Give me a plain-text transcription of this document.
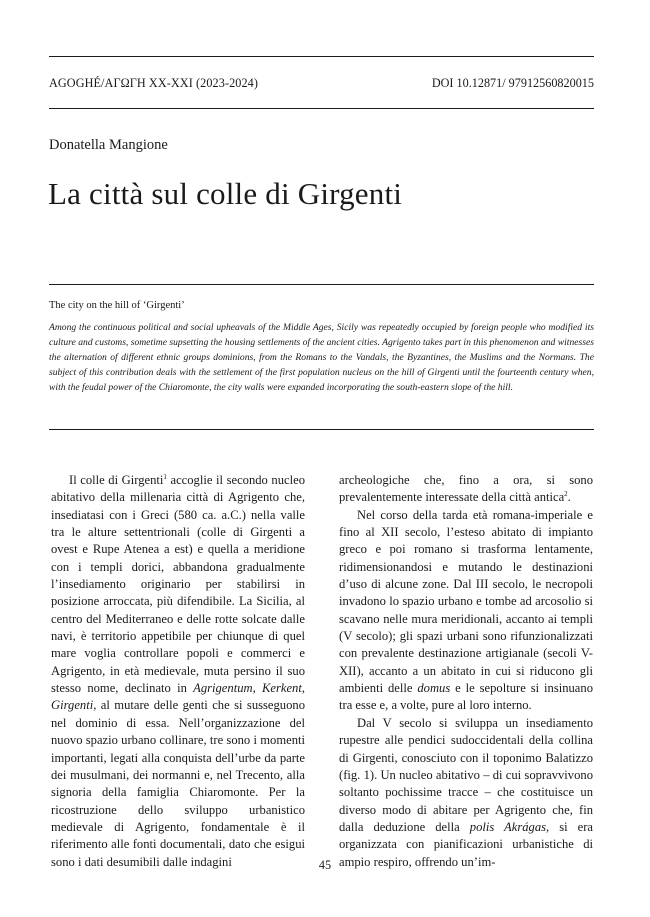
AGOGHÉ/ΑΓΩΓΗ XX-XXI (2023-2024)	DOI 10.12871/ 97912560820015
Donatella Mangione
La città sul colle di Girgenti
The city on the hill of ‘Girgenti’

Among the continuous political and social upheavals of the Middle Ages, Sicily was repeatedly occupied by foreign people who modified its culture and customs, sometime supsetting the housing settlements of the ancient cities. Agrigento takes part in this phenomenon and witnesses the alternation of different ethnic groups dominions, from the Romans to the Vandals, the Byzantines, the Muslims and the Normans. The subject of this contribution deals with the settlement of the first population nucleus on the hill of Girgenti until the fourteenth century when, with the feudal power of the Chiaromonte, the city walls were expanded incorporating the south-eastern slope of the hill.

Il colle di Girgenti$^1$ accoglie il secondo nucleo abitativo della millenaria città di Agrigento che, insediatasi con i Greci (580 ca. a.C.) nella valle tra le alture settentrionali (colle di Girgenti a ovest e Rupe Atenea a est) e quella a meridione con i templi dorici, abbandona gradualmente l’insediamento originario per stabilirsi in posizione arroccata, più difendibile. La Sicilia, al centro del Mediterraneo e delle rotte solcate dalle navi, è territorio appetibile per chiunque di quel mare voglia controllare popoli e commerci e Agrigento, in età medievale, muta persino il suo stesso nome, declinato in Agrigentum, Kerkent, Girgenti, al mutare delle genti che si susseguono nel dominio di essa. Nell’organizzazione del nuovo spazio urbano collinare, tre sono i momenti importanti, legati alla conquista dell’urbe da parte dei musulmani, dei normanni e, nel Trecento, alla signoria della famiglia Chiaromonte. Per la ricostruzione dello sviluppo urbanistico medievale di Agrigento, fondamentale è il riferimento alle fonti documentali, dato che esigui sono i dati desumibili dalle indagini

archeologiche che, fino a ora, si sono prevalentemente interessate della città antica$^2$.

Nel corso della tarda età romana-imperiale e fino al XII secolo, l’esteso abitato di impianto greco e poi romano si trasforma lentamente, ridimensionandosi e mutando le destinazioni d’uso di alcune zone. Dal III secolo, le necropoli invadono lo spazio urbano e tombe ad arcosolio si scavano nelle mura meridionali, accanto ai templi (V secolo); gli spazi urbani sono rifunzionalizzati con prevalente destinazione artigianale (secoli V-XII), accanto a un abitato in cui si riducono gli ambienti delle domus e le sepolture si insinuano tra esse e, a volte, pure al loro interno.

Dal V secolo si sviluppa un insediamento rupestre alle pendici sudoccidentali della collina di Girgenti, conosciuto con il toponimo Balatizzo (fig. 1). Un nucleo abitativo – di cui sopravvivono soltanto pochissime tracce – che costituisce un diverso modo di abitare per Agrigento che, fin dalla deduzione della polis Akrágas, si era organizzata con pianificazioni urbanistiche di ampio respiro, offrendo un’im-

45
